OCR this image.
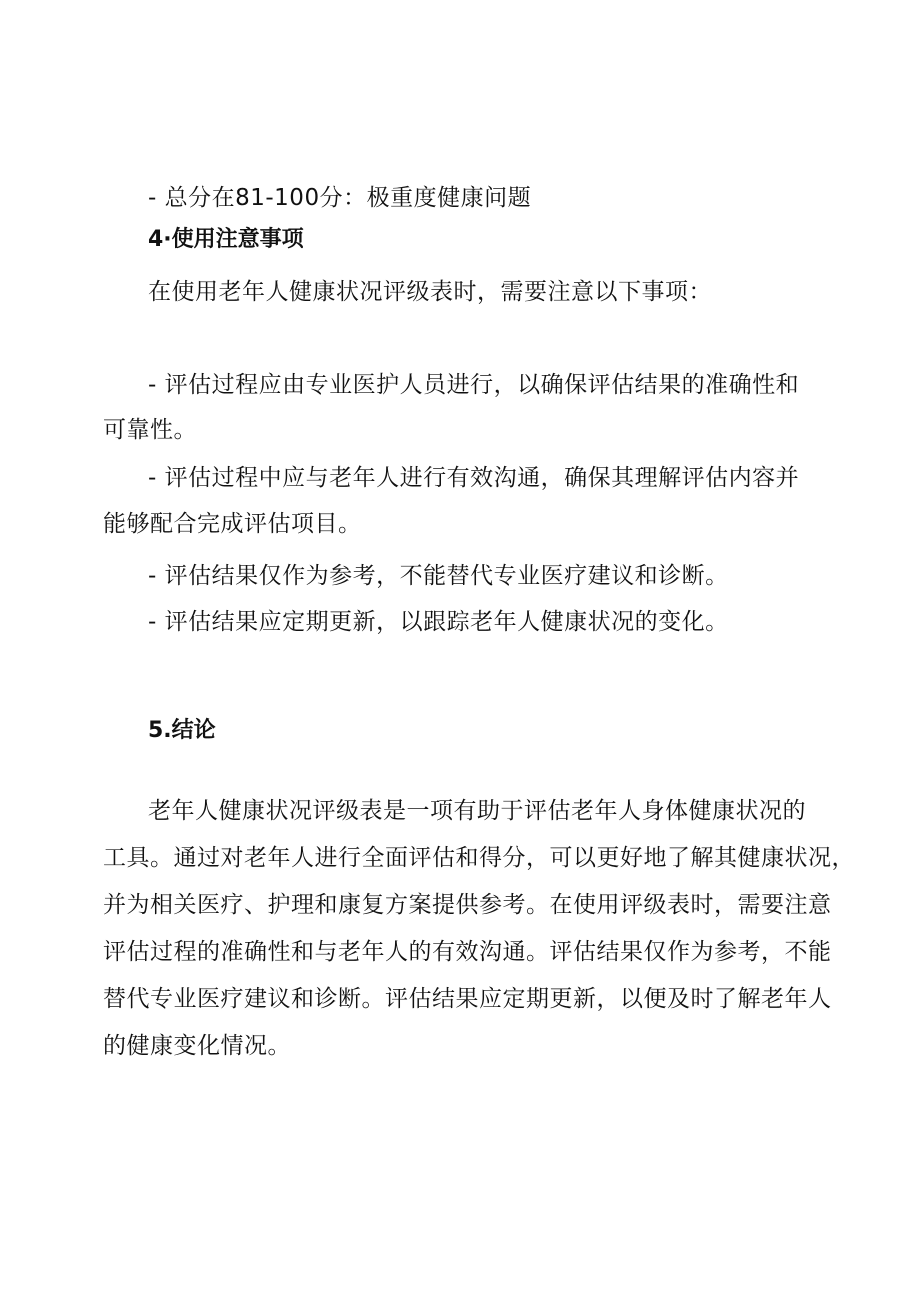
- 总分在81-100分：极重度健康问题
4·使用注意事项
在使用老年人健康状况评级表时，需要注意以下事项：
- 评估过程应由专业医护人员进行，以确保评估结果的准确性和
可靠性。
- 评估过程中应与老年人进行有效沟通，确保其理解评估内容并
能够配合完成评估项目。
- 评估结果仅作为参考，不能替代专业医疗建议和诊断。
- 评估结果应定期更新，以跟踪老年人健康状况的变化。
5.结论
老年人健康状况评级表是一项有助于评估老年人身体健康状况的
工具。通过对老年人进行全面评估和得分，可以更好地了解其健康状况，
并为相关医疗、护理和康复方案提供参考。在使用评级表时，需要注意
评估过程的准确性和与老年人的有效沟通。评估结果仅作为参考，不能
替代专业医疗建议和诊断。评估结果应定期更新，以便及时了解老年人
的健康变化情况。
